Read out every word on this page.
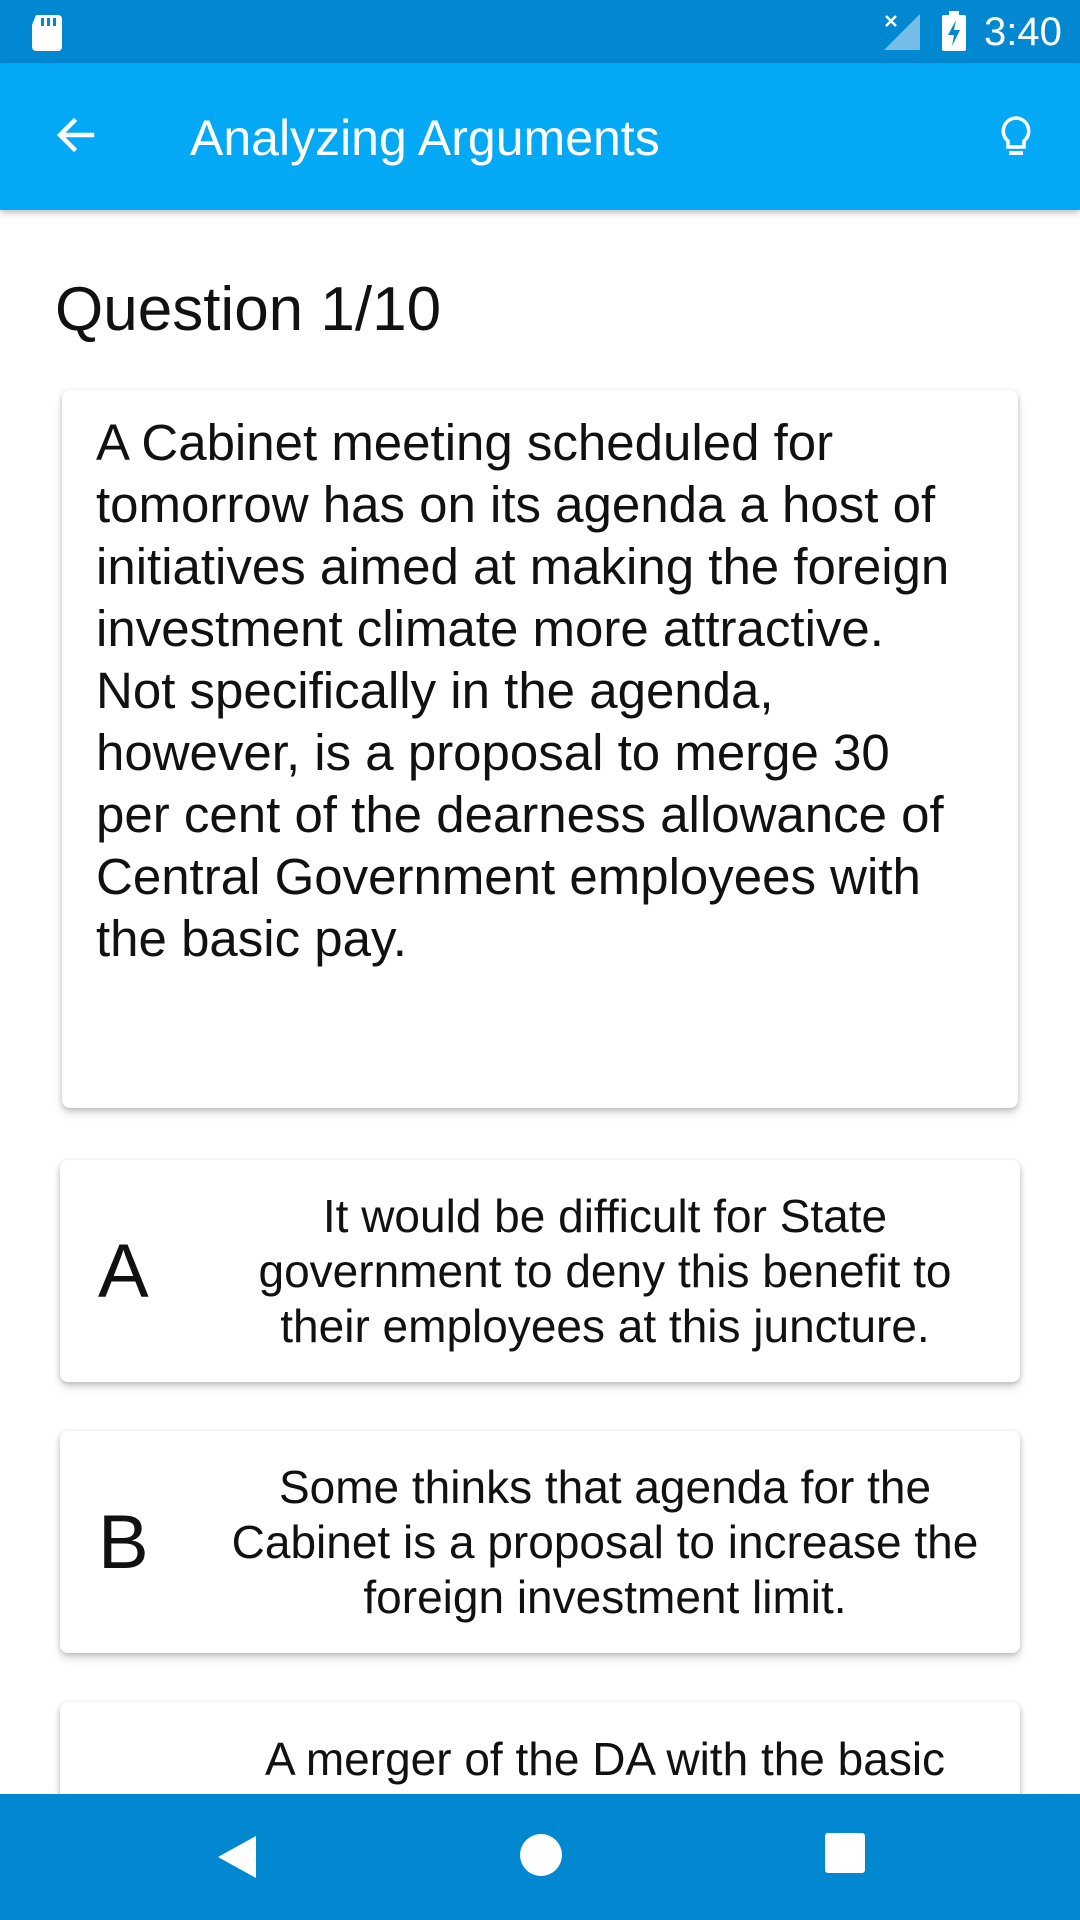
3:40
Analyzing Arguments
Question 1/10
A Cabinet meeting scheduled for tomorrow has on its agenda a host of initiatives aimed at making the foreign investment climate more attractive. Not specifically in the agenda, however, is a proposal to merge 30 per cent of the dearness allowance of Central Government employees with the basic pay.
A
It would be difficult for State government to deny this benefit to their employees at this juncture.
B
Some thinks that agenda for the Cabinet is a proposal to increase the foreign investment limit.
A merger of the DA with the basic
